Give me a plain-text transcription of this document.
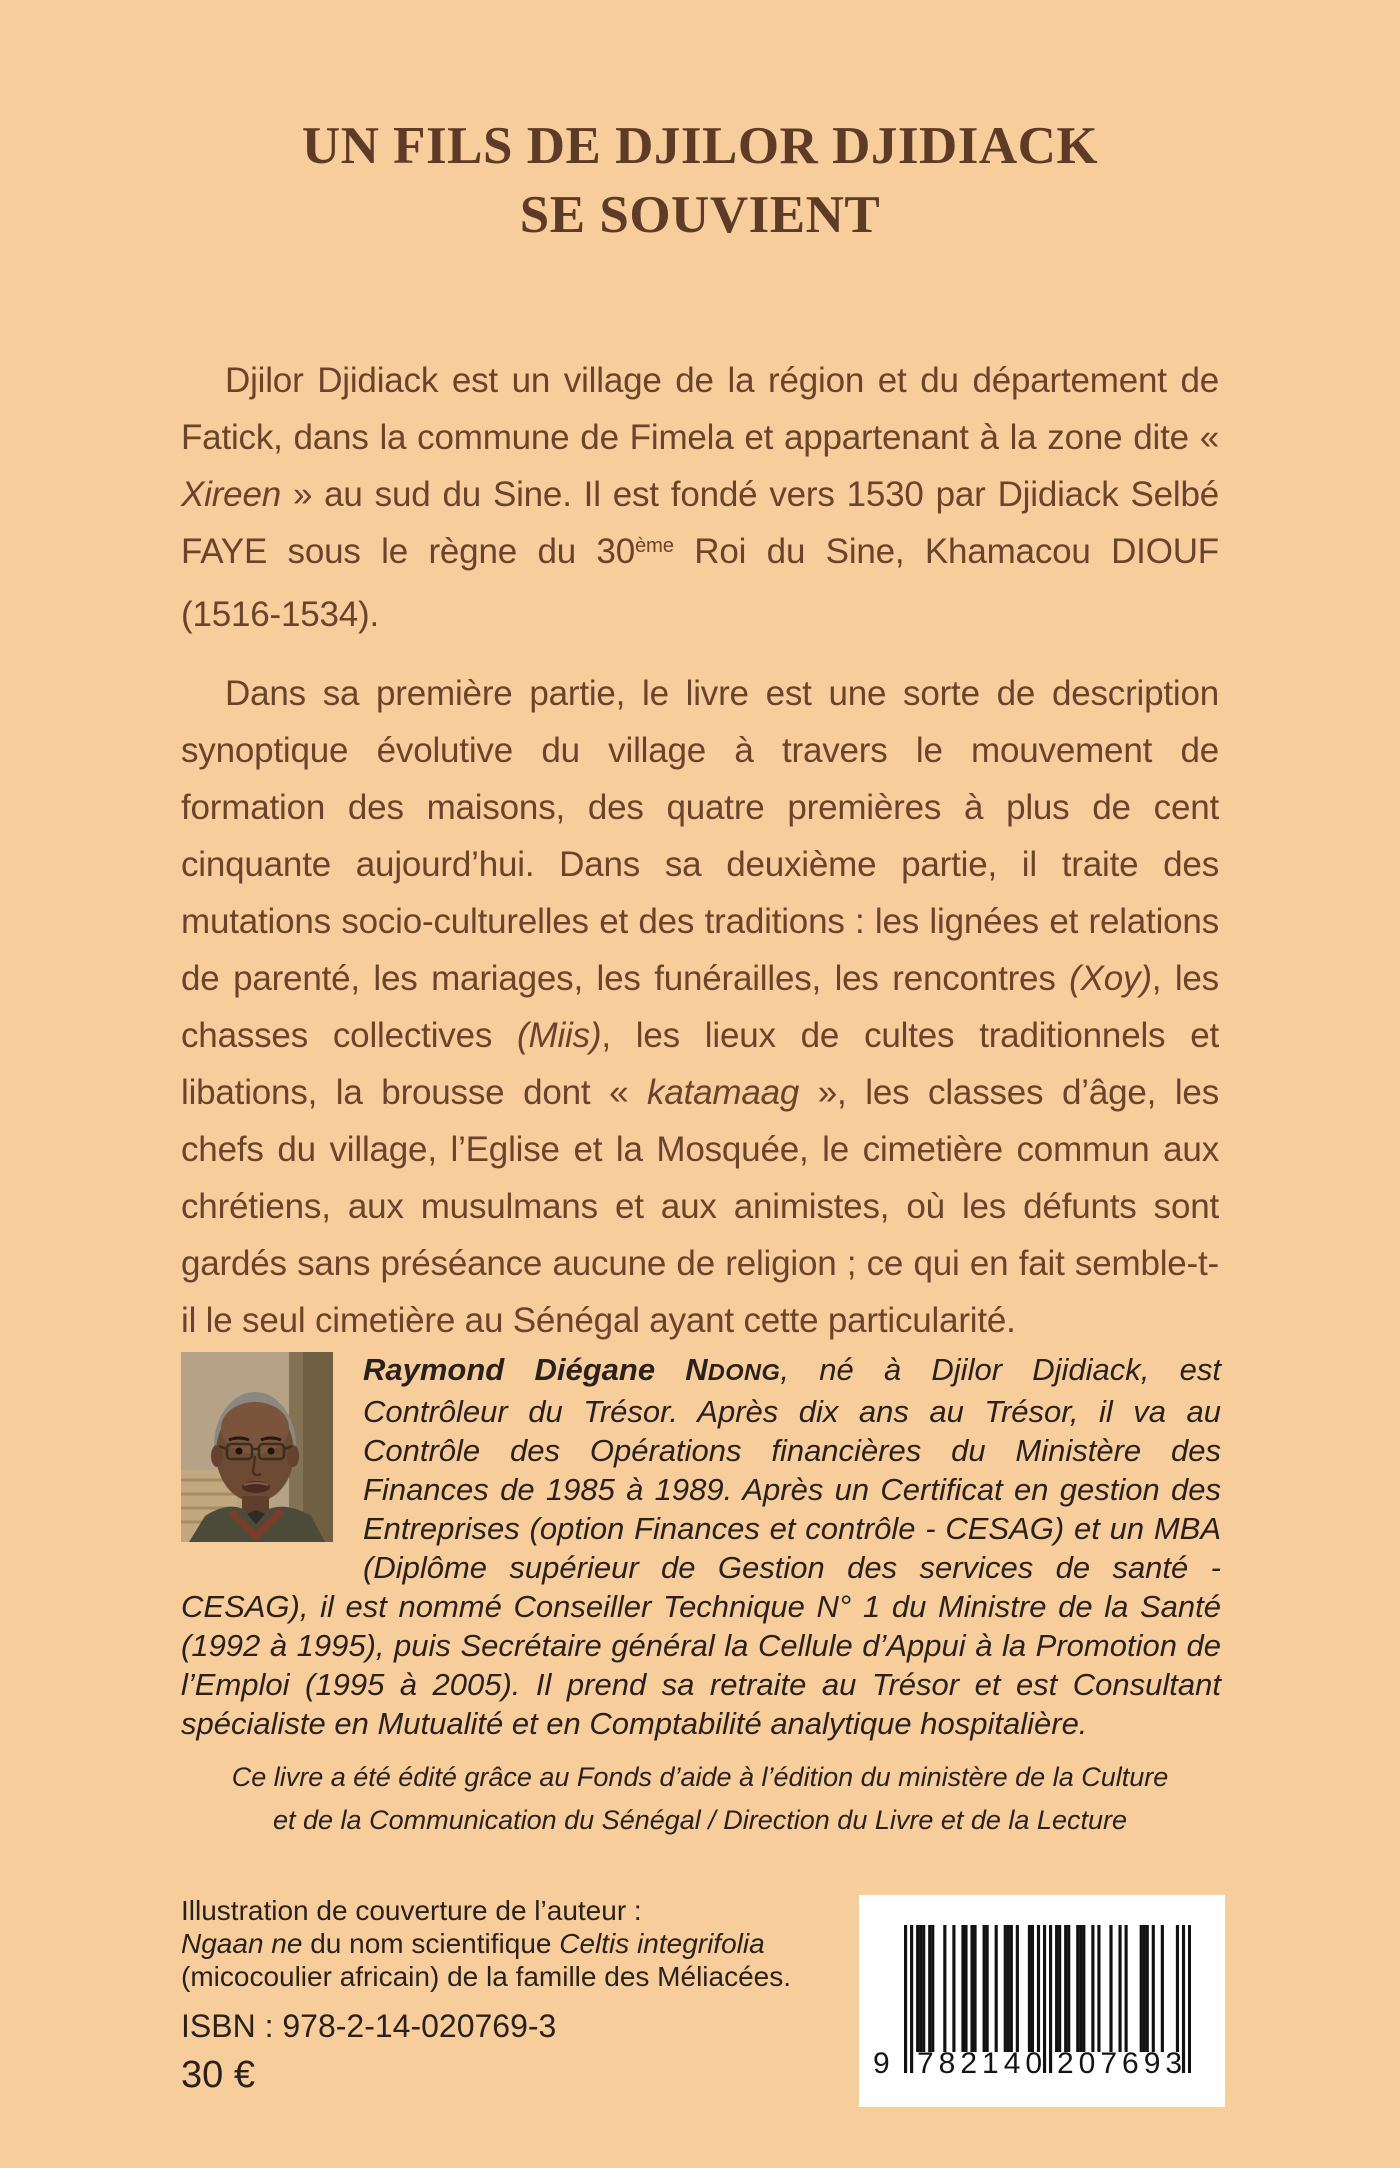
UN FILS DE DJILOR DJIDIACK
SE SOUVIENT

Djilor Djidiack est un village de la région et du département de Fatick, dans la commune de Fimela et appartenant à la zone dite « Xireen » au sud du Sine. Il est fondé vers 1530 par Djidiack Selbé FAYE sous le règne du 30ème Roi du Sine, Khamacou DIOUF (1516-1534).

Dans sa première partie, le livre est une sorte de description synoptique évolutive du village à travers le mouvement de formation des maisons, des quatre premières à plus de cent cinquante aujourd’hui. Dans sa deuxième partie, il traite des mutations socio-culturelles et des traditions : les lignées et relations de parenté, les mariages, les funérailles, les rencontres (Xoy), les chasses collectives (Miis), les lieux de cultes traditionnels et libations, la brousse dont « katamaag », les classes d’âge, les chefs du village, l’Eglise et la Mosquée, le cimetière commun aux chrétiens, aux musulmans et aux animistes, où les défunts sont gardés sans préséance aucune de religion ; ce qui en fait semble-t-il le seul cimetière au Sénégal ayant cette particularité.

Raymond Diégane NDONG, né à Djilor Djidiack, est Contrôleur du Trésor. Après dix ans au Trésor, il va au Contrôle des Opérations financières du Ministère des Finances de 1985 à 1989. Après un Certificat en gestion des Entreprises (option Finances et contrôle - CESAG) et un MBA (Diplôme supérieur de Gestion des services de santé - CESAG), il est nommé Conseiller Technique N° 1 du Ministre de la Santé (1992 à 1995), puis Secrétaire général la Cellule d’Appui à la Promotion de l’Emploi (1995 à 2005). Il prend sa retraite au Trésor et est Consultant spécialiste en Mutualité et en Comptabilité analytique hospitalière.
Ce livre a été édité grâce au Fonds d’aide à l’édition du ministère de la Culture
et de la Communication du Sénégal / Direction du Livre et de la Lecture
Illustration de couverture de l’auteur :
Ngaan ne du nom scientifique Celtis integrifolia
(micocoulier africain) de la famille des Méliacées.
ISBN : 978-2-14-020769-3
30 €	9 782140 207693
